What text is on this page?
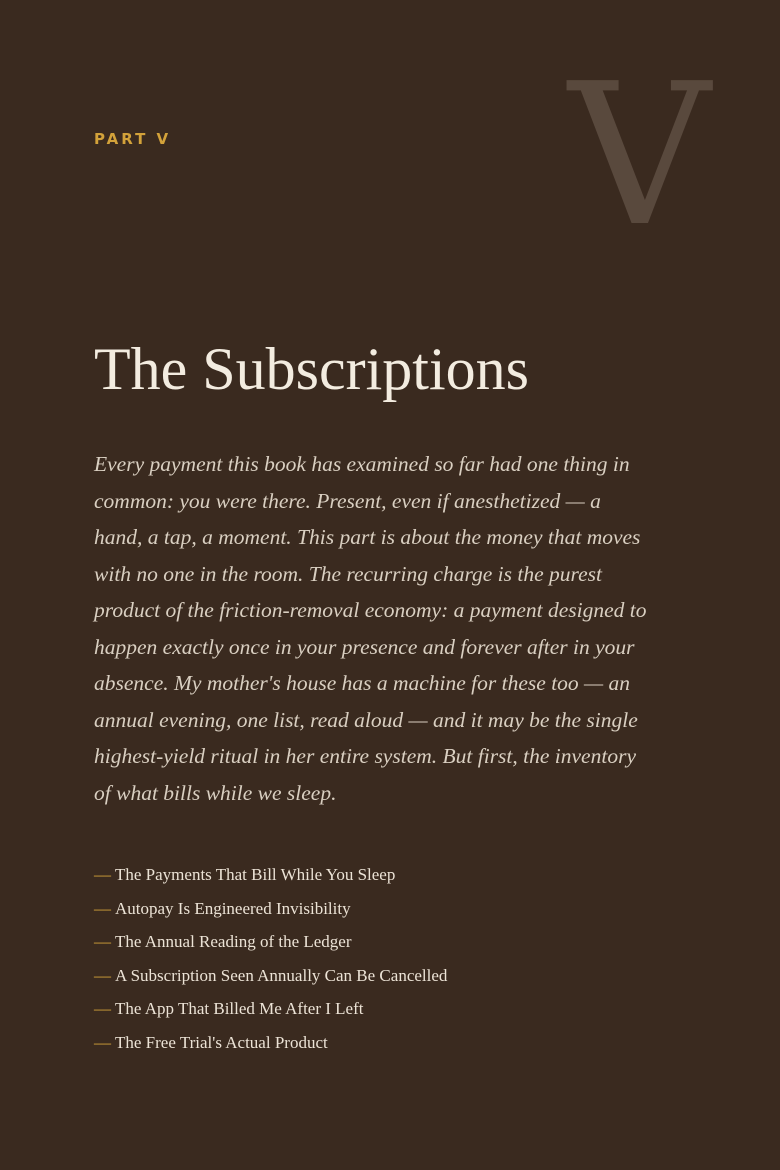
PART V V
The Subscriptions

Every payment this book has examined so far had one thing in common: you were there. Present, even if anesthetized — a hand, a tap, a moment. This part is about the money that moves with no one in the room. The recurring charge is the purest product of the friction-removal economy: a payment designed to happen exactly once in your presence and forever after in your absence. My mother's house has a machine for these too — an annual evening, one list, read aloud — and it may be the single highest-yield ritual in her entire system. But first, the inventory of what bills while we sleep.

— The Payments That Bill While You Sleep
— Autopay Is Engineered Invisibility
— The Annual Reading of the Ledger
— A Subscription Seen Annually Can Be Cancelled
— The App That Billed Me After I Left
— The Free Trial's Actual Product
